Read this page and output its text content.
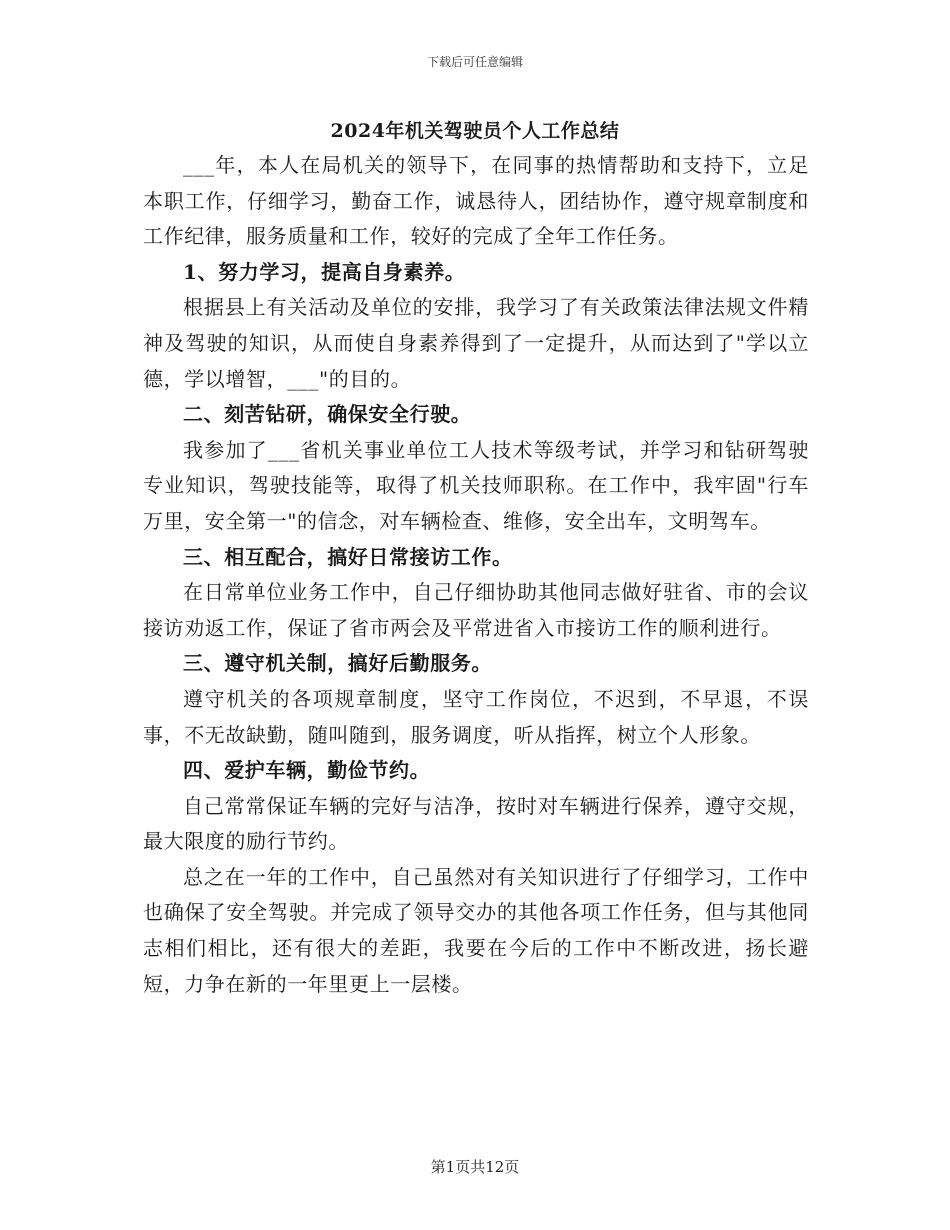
下载后可任意编辑
2024年机关驾驶员个人工作总结

___年，本人在局机关的领导下，在同事的热情帮助和支持下，立足本职工作，仔细学习，勤奋工作，诚恳待人，团结协作，遵守规章制度和工作纪律，服务质量和工作，较好的完成了全年工作任务。

1、努力学习，提高自身素养。

根据县上有关活动及单位的安排，我学习了有关政策法律法规文件精神及驾驶的知识，从而使自身素养得到了一定提升，从而达到了"学以立德，学以增智，___"的目的。

二、刻苦钻研，确保安全行驶。

我参加了___省机关事业单位工人技术等级考试，并学习和钻研驾驶专业知识，驾驶技能等，取得了机关技师职称。在工作中，我牢固"行车万里，安全第一"的信念，对车辆检查、维修，安全出车，文明驾车。

三、相互配合，搞好日常接访工作。

在日常单位业务工作中，自己仔细协助其他同志做好驻省、市的会议接访劝返工作，保证了省市两会及平常进省入市接访工作的顺利进行。

三、遵守机关制，搞好后勤服务。

遵守机关的各项规章制度，坚守工作岗位，不迟到，不早退，不误事，不无故缺勤，随叫随到，服务调度，听从指挥，树立个人形象。

四、爱护车辆，勤俭节约。

自己常常保证车辆的完好与洁净，按时对车辆进行保养，遵守交规，最大限度的励行节约。

总之在一年的工作中，自己虽然对有关知识进行了仔细学习，工作中也确保了安全驾驶。并完成了领导交办的其他各项工作任务，但与其他同志相们相比，还有很大的差距，我要在今后的工作中不断改进，扬长避短，力争在新的一年里更上一层楼。

第1页共12页
